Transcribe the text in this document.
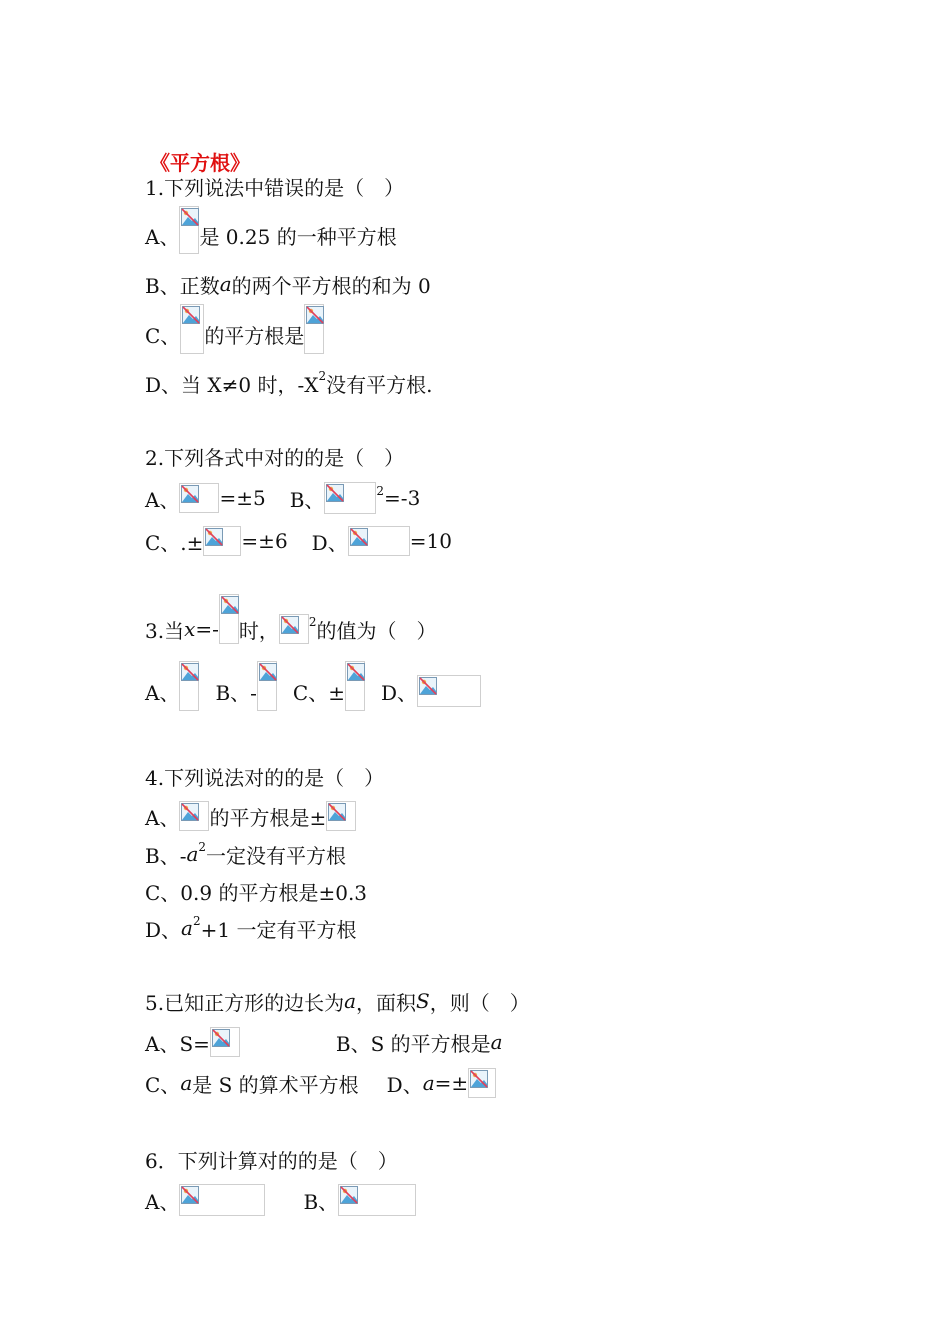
《平方根》
1.下列说法中错误的是（　）
A、 是 0.25 的一种平方根
B、正数 a 的两个平方根的和为 0
C、 的平方根是
D、当 X≠0 时，-X 2 没有平方根.
2.下列各式中对的的是（　）
A、 =±5 B、	2 =-3
C、.± =±6 D、	=10
3.当 x =- 时，	2 的值为（　）
A、 B、- C、± D、
4.下列说法对的的是（　）
A、 的平方根是±
B、- a 2 一定没有平方根
C、0.9 的平方根是±0.3
D、 a 2 +1 一定有平方根
5.已知正方形的边长为 a ，面积 S ，则（　）
A、S=	B、S 的平方根是 a
C、 a 是 S 的算术平方根 D、 a =±
6．下列计算对的的是（　）
A、	B、
